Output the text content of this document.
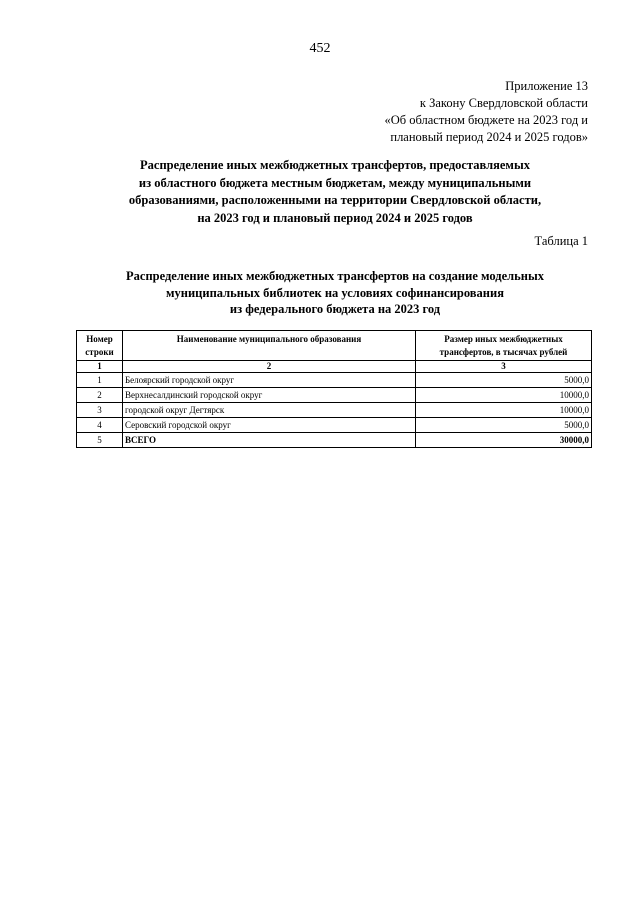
452
Приложение 13
к Закону Свердловской области
«Об областном бюджете на 2023 год и
плановый период 2024 и 2025 годов»
Распределение иных межбюджетных трансфертов, предоставляемых
из областного бюджета местным бюджетам, между муниципальными
образованиями, расположенными на территории Свердловской области,
на 2023 год и плановый период 2024 и 2025 годов
Таблица 1
Распределение иных межбюджетных трансфертов на создание модельных
муниципальных библиотек на условиях софинансирования
из федерального бюджета на 2023 год
Номер строки	Наименование муниципального образования	Размер иных межбюджетных трансфертов, в тысячах рублей
1	2	3
1	Белоярский городской округ	5000,0
2	Верхнесалдинский городской округ	10000,0
3	городской округ Дегтярск	10000,0
4	Серовский городской округ	5000,0
5	ВСЕГО	30000,0
